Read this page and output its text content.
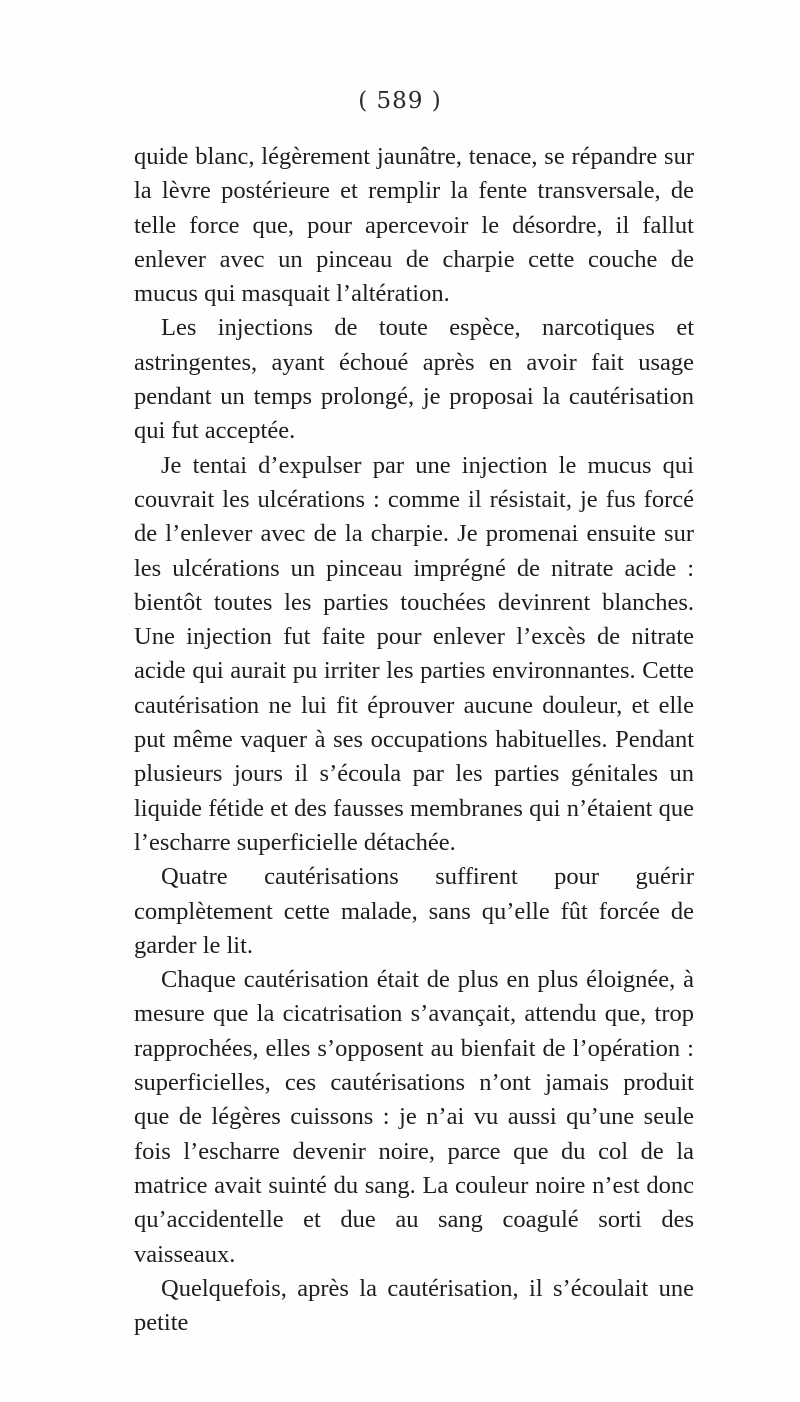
( 589 )

quide blanc, légèrement jaunâtre, tenace, se répandre sur la lèvre postérieure et remplir la fente transversale, de telle force que, pour apercevoir le désordre, il fallut enlever avec un pinceau de charpie cette couche de mucus qui masquait l’altération.

Les injections de toute espèce, narcotiques et astringentes, ayant échoué après en avoir fait usage pendant un temps prolongé, je proposai la cautérisation qui fut acceptée.

Je tentai d’expulser par une injection le mucus qui couvrait les ulcérations : comme il résistait, je fus forcé de l’enlever avec de la charpie. Je promenai ensuite sur les ulcérations un pinceau imprégné de nitrate acide : bientôt toutes les parties touchées devinrent blanches. Une injection fut faite pour enlever l’excès de nitrate acide qui aurait pu irriter les parties environnantes. Cette cautérisation ne lui fit éprouver aucune douleur, et elle put même vaquer à ses occupations habituelles. Pendant plusieurs jours il s’écoula par les parties génitales un liquide fétide et des fausses membranes qui n’étaient que l’escharre superficielle détachée.

Quatre cautérisations suffirent pour guérir complètement cette malade, sans qu’elle fût forcée de garder le lit.

Chaque cautérisation était de plus en plus éloignée, à mesure que la cicatrisation s’avançait, attendu que, trop rapprochées, elles s’opposent au bienfait de l’opération : superficielles, ces cautérisations n’ont jamais produit que de légères cuissons : je n’ai vu aussi qu’une seule fois l’escharre devenir noire, parce que du col de la matrice avait suinté du sang. La couleur noire n’est donc qu’accidentelle et due au sang coagulé sorti des vaisseaux.

Quelquefois, après la cautérisation, il s’écoulait une petite
